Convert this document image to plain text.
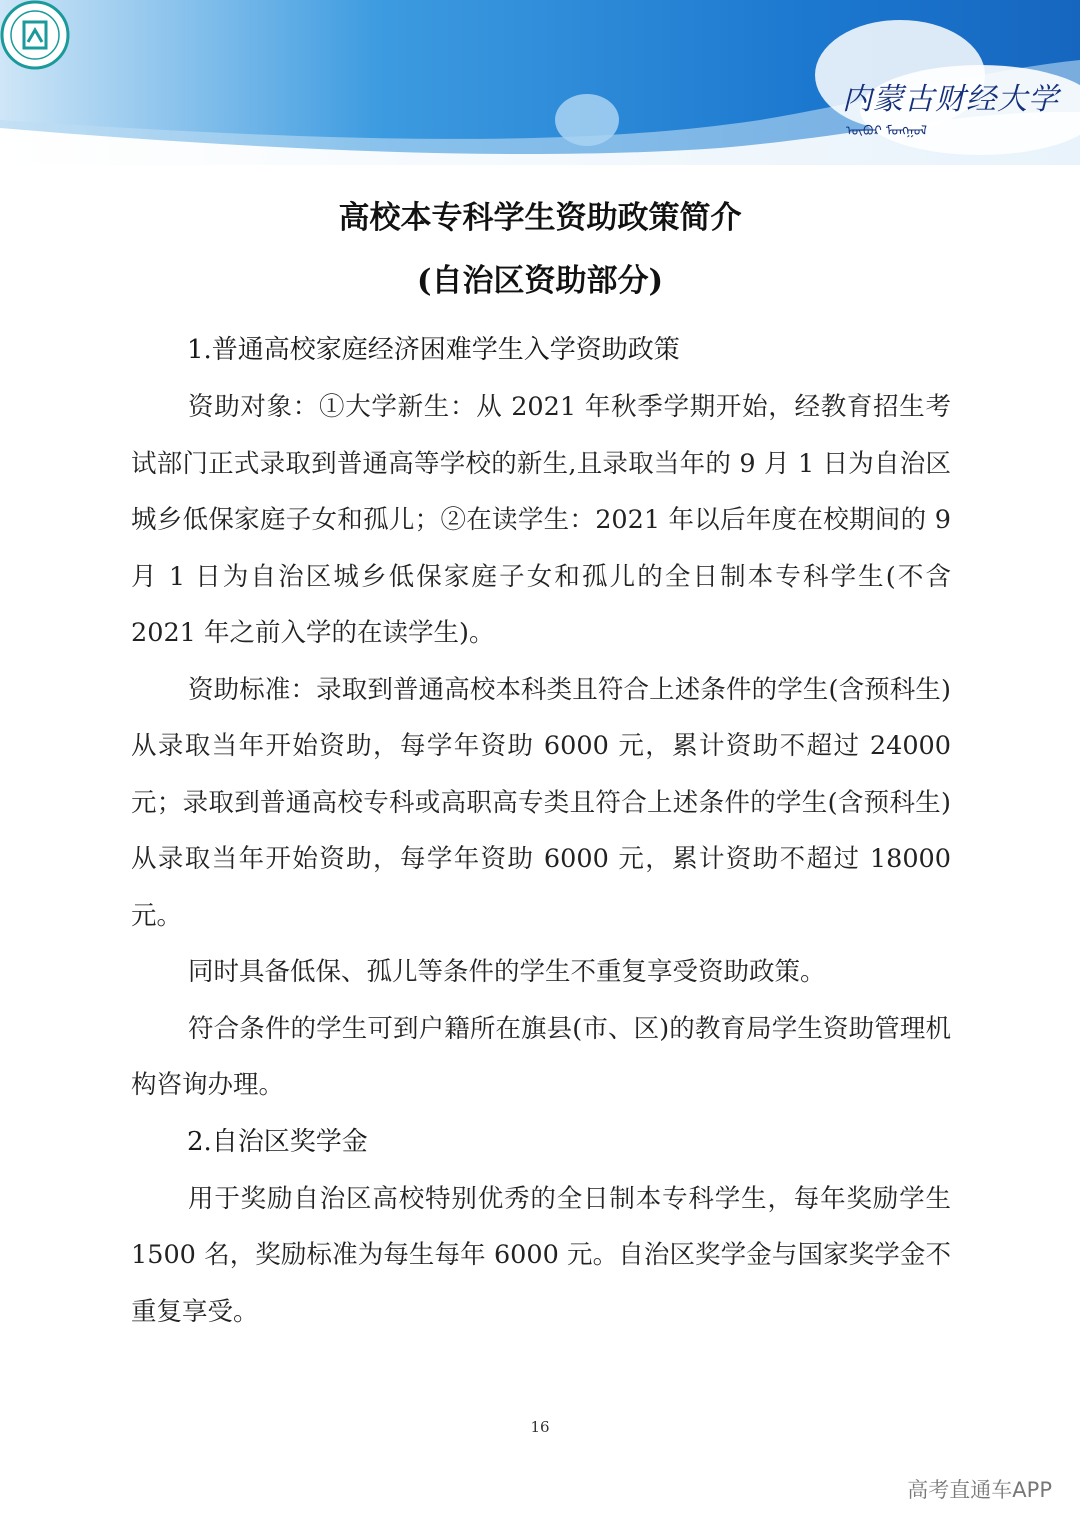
内蒙古财经大学
ᠥᠪᠦᠷ ᠮᠣᠩᠭᠣᠯ
高校本专科学生资助政策简介
(自治区资助部分)
1.普通高校家庭经济困难学生入学资助政策

资助对象：①大学新生：从 2021 年秋季学期开始，经教育招生考试部门正式录取到普通高等学校的新生,且录取当年的 9 月 1 日为自治区城乡低保家庭子女和孤儿；②在读学生：2021 年以后年度在校期间的 9 月 1 日为自治区城乡低保家庭子女和孤儿的全日制本专科学生(不含 2021 年之前入学的在读学生)。

资助标准：录取到普通高校本科类且符合上述条件的学生(含预科生)从录取当年开始资助，每学年资助 6000 元，累计资助不超过 24000 元；录取到普通高校专科或高职高专类且符合上述条件的学生(含预科生)从录取当年开始资助，每学年资助 6000 元，累计资助不超过 18000 元。

同时具备低保、孤儿等条件的学生不重复享受资助政策。

符合条件的学生可到户籍所在旗县(市、区)的教育局学生资助管理机构咨询办理。

2.自治区奖学金

用于奖励自治区高校特别优秀的全日制本专科学生，每年奖励学生 1500 名，奖励标准为每生每年 6000 元。自治区奖学金与国家奖学金不重复享受。

16
高考直通车APP
